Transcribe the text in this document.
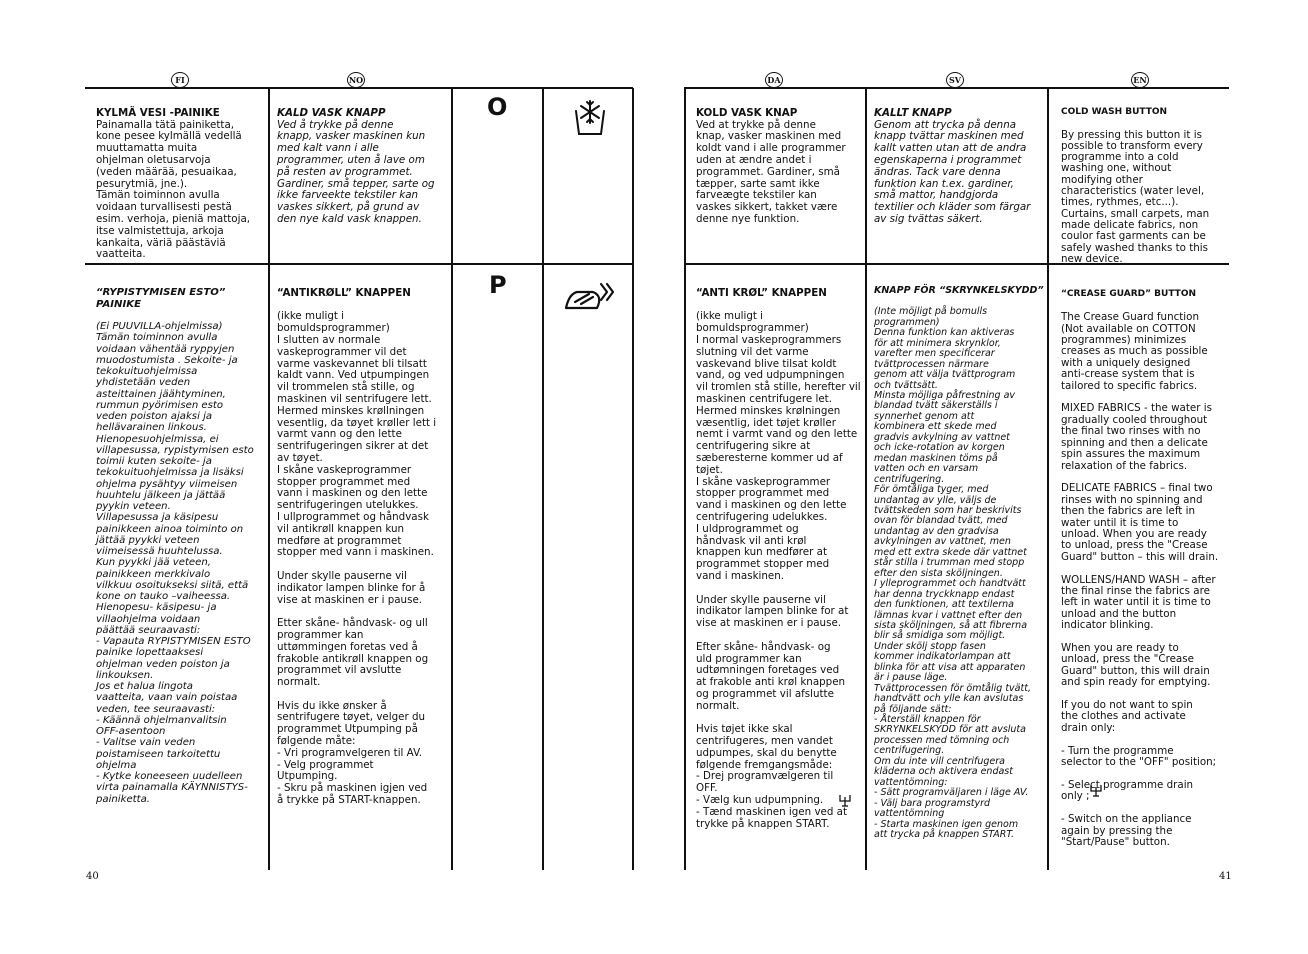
FI	NO

KYLMÄ VESI -PAINIKE
Painamalla tätä painiketta,
kone pesee kylmällä vedellä
muuttamatta muita
ohjelman oletusarvoja
(veden määrää, pesuaikaa,
pesurytmiä, jne.).
Tämän toiminnon avulla
voidaan turvallisesti pestä
esim. verhoja, pieniä mattoja,
itse valmistettuja, arkoja
kankaita, väriä päästäviä
vaatteita.

KALD VASK KNAPP
Ved å trykke på denne
knapp, vasker maskinen kun
med kalt vann i alle
programmer, uten å lave om
på resten av programmet.
Gardiner, små tepper, sarte og
ikke farveekte tekstiler kan
vaskes sikkert, på grund av
den nye kald vask knappen.

O

“RYPISTYMISEN ESTO” PAINIKE

(Ei PUUVILLA-ohjelmissa)
Tämän toiminnon avulla
voidaan vähentää ryppyjen
muodostumista . Sekoite- ja
tekokuituohjelmissa
yhdistetään veden
asteittainen jäähtyminen,
rummun pyörimisen esto
veden poiston ajaksi ja
hellävarainen linkous.
Hienopesuohjelmissa, ei
villapesussa, rypistymisen esto
toimii kuten sekoite- ja
tekokuituohjelmissa ja lisäksi
ohjelma pysähtyy viimeisen
huuhtelu jälkeen ja jättää
pyykin veteen.
Villapesussa ja käsipesu
painikkeen ainoa toiminto on
jättää pyykki veteen
viimeisessä huuhtelussa.
Kun pyykki jää veteen,
painikkeen merkkivalo
vilkkuu osoitukseksi siitä, että
kone on tauko –vaiheessa.
Hienopesu- käsipesu- ja
villaohjelma voidaan
päättää seuraavasti:
- Vapauta RYPISTYMISEN ESTO
painike lopettaaksesi
ohjelman veden poiston ja
linkouksen.
Jos et halua lingota
vaatteita, vaan vain poistaa
veden, tee seuraavasti:
- Käännä ohjelmanvalitsin
OFF-asentoon
- Valitse vain veden
poistamiseen tarkoitettu
ohjelma
- Kytke koneeseen uudelleen
virta painamalla KÄYNNISTYS-
painiketta.

“ANTIKRØLL” KNAPPEN

(ikke muligt i
bomuldsprogrammer)
I slutten av normale
vaskeprogrammer vil det
varme vaskevannet bli tilsatt
kaldt vann. Ved utpumpingen
vil trommelen stå stille, og
maskinen vil sentrifugere lett.
Hermed minskes krøllningen
vesentlig, da tøyet krøller lett i
varmt vann og den lette
sentrifugeringen sikrer at det
av tøyet.
I skåne vaskeprogrammer
stopper programmet med
vann i maskinen og den lette
sentrifugeringen utelukkes.
I ullprogrammet og håndvask
vil antikrøll knappen kun
medføre at programmet
stopper med vann i maskinen.

Under skylle pauserne vil
indikator lampen blinke for å
vise at maskinen er i pause.

Etter skåne- håndvask- og ull
programmer kan
uttømmingen foretas ved å
frakoble antikrøll knappen og
programmet vil avslutte
normalt.

Hvis du ikke ønsker å
sentrifugere tøyet, velger du
programmet Utpumping på
følgende måte:
- Vri programvelgeren til AV.
- Velg programmet
Utpumping.
- Skru på maskinen igjen ved
å trykke på START-knappen.

P
40
DA	SV	EN

KOLD VASK KNAP
Ved at trykke på denne
knap, vasker maskinen med
koldt vand i alle programmer
uden at ændre andet i
programmet. Gardiner, små
tæpper, sarte samt ikke
farveægte tekstiler kan
vaskes sikkert, takket være
denne nye funktion.

KALLT KNAPP
Genom att trycka på denna
knapp tvättar maskinen med
kallt vatten utan att de andra
egenskaperna i programmet
ändras. Tack vare denna
funktion kan t.ex. gardiner,
små mattor, handgjorda
textilier och kläder som färgar
av sig tvättas säkert.

COLD WASH BUTTON
By pressing this button it is
possible to transform every
programme into a cold
washing one, without
modifying other
characteristics (water level,
times, rythmes, etc...).
Curtains, small carpets, man
made delicate fabrics, non
coulor fast garments can be
safely washed thanks to this
new device.

“ANTI KRØL” KNAPPEN

(ikke muligt i
bomuldsprogrammer)
I normal vaskeprogrammers
slutning vil det varme
vaskevand blive tilsat koldt
vand, og ved udpumpningen
vil tromlen stå stille, herefter vil
maskinen centrifugere let.
Hermed minskes krølningen
væsentlig, idet tøjet krøller
nemt i varmt vand og den lette
centrifugering sikre at
sæberesterne kommer ud af
tøjet.
I skåne vaskeprogrammer
stopper programmet med
vand i maskinen og den lette
centrifugering udelukkes.
I uldprogrammet og
håndvask vil anti krøl
knappen kun medfører at
programmet stopper med
vand i maskinen.

Under skylle pauserne vil
indikator lampen blinke for at
vise at maskinen er i pause.

Efter skåne- håndvask- og
uld programmer kan
udtømningen foretages ved
at frakoble anti krøl knappen
og programmet vil afslutte
normalt.

Hvis tøjet ikke skal
centrifugeres, men vandet
udpumpes, skal du benytte
følgende fremgangsmåde:
- Drej programvælgeren til
OFF.
- Vælg kun udpumpning.
- Tænd maskinen igen ved at
trykke på knappen START.

KNAPP FÖR “SKRYNKELSKYDD”

(Inte möjligt på bomulls
programmen)
Denna funktion kan aktiveras
för att minimera skrynklor,
varefter men specificerar
tvättprocessen närmare
genom att välja tvättprogram
och tvättsätt.
Minsta möjliga påfrestning av
blandad tvätt säkerställs i
synnerhet genom att
kombinera ett skede med
gradvis avkylning av vattnet
och icke-rotation av korgen
medan maskinen töms på
vatten och en varsam
centrifugering.
För ömtåliga tyger, med
undantag av ylle, väljs de
tvättskeden som har beskrivits
ovan för blandad tvätt, med
undantag av den gradvisa
avkylningen av vattnet, men
med ett extra skede där vattnet
står stilla i trumman med stopp
efter den sista sköljningen.
I ylleprogrammet och handtvätt
har denna tryckknapp endast
den funktionen, att textilerna
lämnas kvar i vattnet efter den
sista sköljningen, så att fibrerna
blir så smidiga som möjligt.
Under skölj stopp fasen
kommer indikatorlampan att
blinka för att visa att apparaten
är i pause läge.
Tvättprocessen för ömtålig tvätt,
handtvätt och ylle kan avslutas
på följande sätt:
- Återställ knappen för
SKRYNKELSKYDD för att avsluta
processen med tömning och
centrifugering.
Om du inte vill centrifugera
kläderna och aktivera endast
vattentömning:
- Sätt programväljaren i läge AV.
- Välj bara programstyrd
vattentömning
- Starta maskinen igen genom
att trycka på knappen START.

“CREASE GUARD” BUTTON

The Crease Guard function
(Not available on COTTON
programmes) minimizes
creases as much as possible
with a uniquely designed
anti-crease system that is
tailored to specific fabrics.

MIXED FABRICS - the water is
gradually cooled throughout
the final two rinses with no
spinning and then a delicate
spin assures the maximum
relaxation of the fabrics.

DELICATE FABRICS – final two
rinses with no spinning and
then the fabrics are left in
water until it is time to
unload. When you are ready
to unload, press the "Crease
Guard" button – this will drain.

WOLLENS/HAND WASH – after
the final rinse the fabrics are
left in water until it is time to
unload and the button
indicator blinking.

When you are ready to
unload, press the "Crease
Guard" button, this will drain
and spin ready for emptying.

If you do not want to spin
the clothes and activate
drain only:

- Turn the programme
selector to the "OFF" position;

- Select programme drain
only ;

- Switch on the appliance
again by pressing the
"Start/Pause" button.

41
